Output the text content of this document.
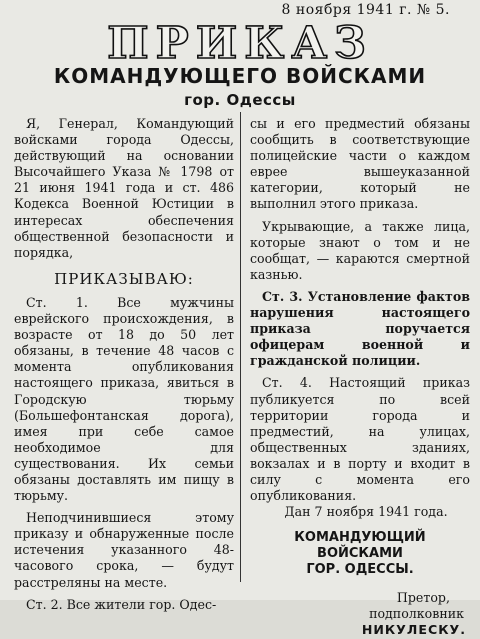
8 ноября 1941 г. № 5.
ПРИКАЗ
КОМАНДУЮЩЕГО ВОЙСКАМИ
гор. Одессы

Я, Генерал, Командующий войсками города Одессы, действующий на основании Высочайшего Указа № 1798 от 21 июня 1941 года и ст. 486 Кодекса Военной Юстиции в интересах обеспечения общественной безопасности и порядка,

ПРИКАЗЫВАЮ:

Ст. 1. Все мужчины еврейского происхождения, в возрасте от 18 до 50 лет обязаны, в течение 48 часов с момента опубликования настоящего приказа, явиться в Городскую тюрьму (Большефонтанская дорога), имея при себе самое необходимое для существования. Их семьи обязаны доставлять им пищу в тюрьму.

Неподчинившиеся этому приказу и обнаруженные после истечения указанного 48-часового срока, — будут расстреляны на месте.

Ст. 2. Все жители гор. Одес-

сы и его предместий обязаны сообщить в соответствующие полицейские части о каждом еврее вышеуказанной категории, который не выполнил этого приказа.

Укрывающие, а также лица, которые знают о том и не сообщат, — караются смертной казнью.

Ст. 3. Установление фактов нарушения настоящего приказа поручается офицерам военной и гражданской полиции.

Ст. 4. Настоящий приказ публикуется по всей территории города и предместий, на улицах, общественных зданиях, вокзалах и в порту и входит в силу с момента его опубликования.

Дан 7 ноября 1941 года.

КОМАНДУЮЩИЙ
ВОЙСКАМИ
ГОР. ОДЕССЫ.

Претор,

подполковник

НИКУЛЕСКУ.
